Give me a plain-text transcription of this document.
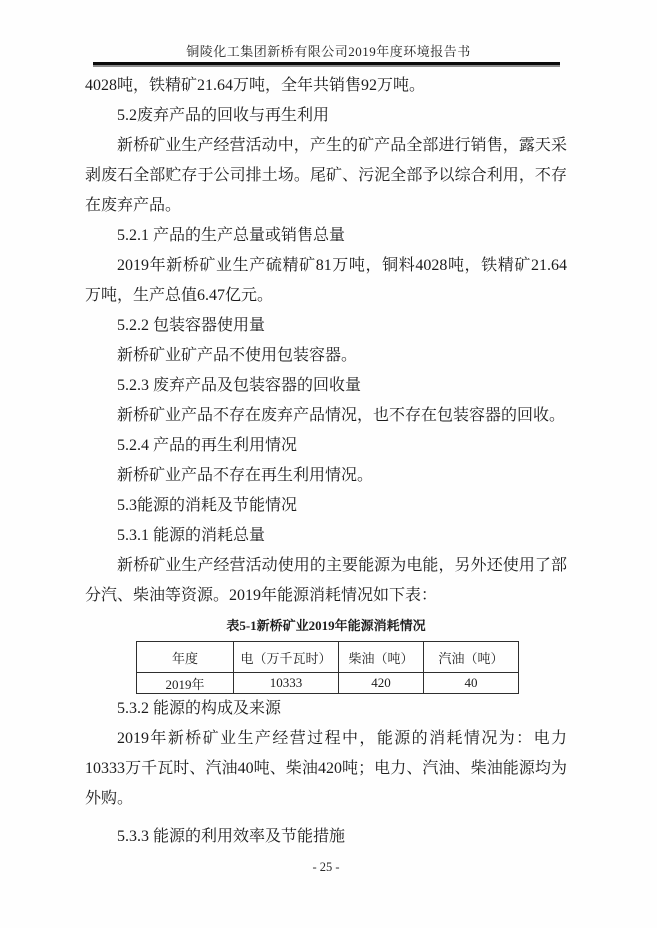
铜陵化工集团新桥有限公司2019年度环境报告书

4028吨，铁精矿21.64万吨，全年共销售92万吨。

5.2废弃产品的回收与再生利用

新桥矿业生产经营活动中，产生的矿产品全部进行销售，露天采剥废石全部贮存于公司排土场。尾矿、污泥全部予以综合利用，不存在废弃产品。

5.2.1 产品的生产总量或销售总量

2019年新桥矿业生产硫精矿81万吨，铜料4028吨，铁精矿21.64万吨，生产总值6.47亿元。

5.2.2 包装容器使用量

新桥矿业矿产品不使用包装容器。

5.2.3 废弃产品及包装容器的回收量

新桥矿业产品不存在废弃产品情况，也不存在包装容器的回收。

5.2.4 产品的再生利用情况

新桥矿业产品不存在再生利用情况。

5.3能源的消耗及节能情况

5.3.1 能源的消耗总量

新桥矿业生产经营活动使用的主要能源为电能，另外还使用了部分汽、柴油等资源。2019年能源消耗情况如下表：

表5-1新桥矿业2019年能源消耗情况

年度	电（万千瓦时）	柴油（吨）	汽油（吨）
2019年	10333	420	40

5.3.2 能源的构成及来源

2019年新桥矿业生产经营过程中，能源的消耗情况为：电力10333万千瓦时、汽油40吨、柴油420吨；电力、汽油、柴油能源均为外购。

5.3.3 能源的利用效率及节能措施

- 25 -
